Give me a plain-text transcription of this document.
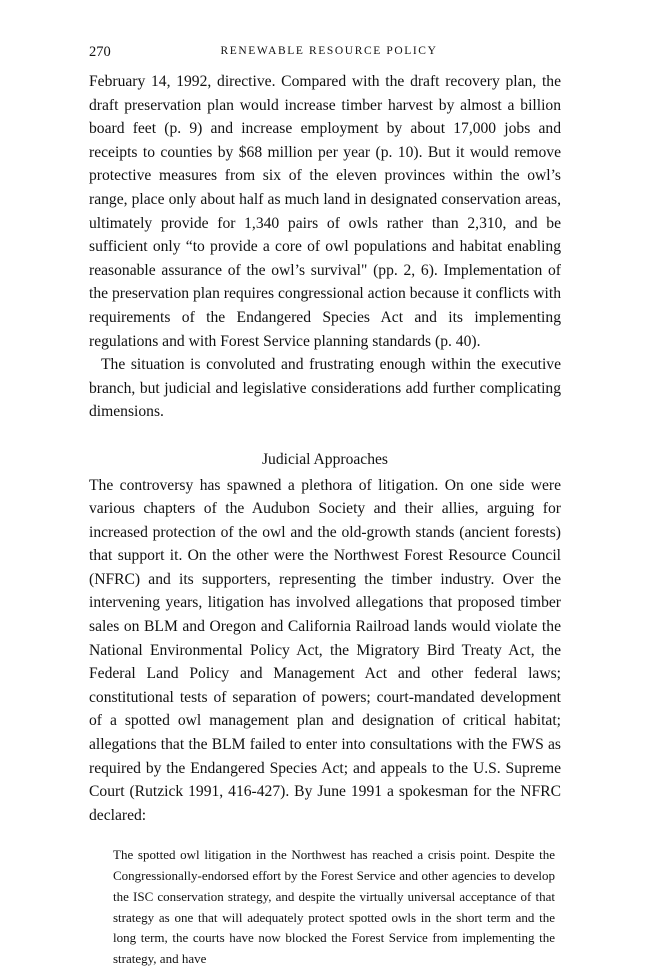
270	RENEWABLE RESOURCE POLICY

February 14, 1992, directive. Compared with the draft recovery plan, the draft preservation plan would increase timber harvest by almost a billion board feet (p. 9) and increase employment by about 17,000 jobs and receipts to counties by $68 million per year (p. 10). But it would remove protective measures from six of the eleven provinces within the owl’s range, place only about half as much land in designated conservation areas, ultimately provide for 1,340 pairs of owls rather than 2,310, and be sufficient only “to provide a core of owl populations and habitat enabling reasonable assurance of the owl’s survival" (pp. 2, 6). Implementation of the preservation plan requires congressional action because it conflicts with requirements of the Endangered Species Act and its implementing regulations and with Forest Service planning standards (p. 40).

The situation is convoluted and frustrating enough within the executive branch, but judicial and legislative considerations add further complicating dimensions.

Judicial Approaches

The controversy has spawned a plethora of litigation. On one side were various chapters of the Audubon Society and their allies, arguing for increased protection of the owl and the old-growth stands (ancient forests) that support it. On the other were the Northwest Forest Resource Council (NFRC) and its supporters, representing the timber industry. Over the intervening years, litigation has involved allegations that proposed timber sales on BLM and Oregon and California Railroad lands would violate the National Environmental Policy Act, the Migratory Bird Treaty Act, the Federal Land Policy and Management Act and other federal laws; constitutional tests of separation of powers; court-mandated development of a spotted owl management plan and designation of critical habitat; allegations that the BLM failed to enter into consultations with the FWS as required by the Endangered Species Act; and appeals to the U.S. Supreme Court (Rutzick 1991, 416-427). By June 1991 a spokesman for the NFRC declared:

The spotted owl litigation in the Northwest has reached a crisis point. Despite the Congressionally-endorsed effort by the Forest Service and other agencies to develop the ISC conservation strategy, and despite the virtually universal acceptance of that strategy as one that will adequately protect spotted owls in the short term and the long term, the courts have now blocked the Forest Service from implementing the strategy, and have
